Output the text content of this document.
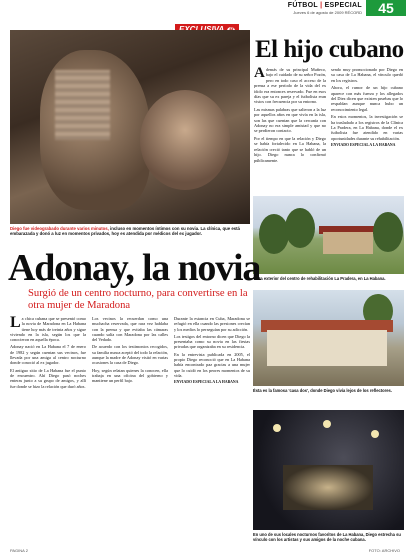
FÚTBOL | ESPECIAL
Jueves 6 de agosto de 2009 RÉCORD	45
Diego fue videograbado durante varios minutos, incluso en momentos íntimos con su novia. La clínica, que está embarazada y donó a luz en momentos privados, hoy es atendida por médicos del ex jugador.
El hijo cubano

Además de su principal Muñeco, bajo el cuidado de su señor Pozón, pero en todo caso el acceso de la prensa a ese período de la vida del ex ídolo era entonces reservado. Fue en esos días que su ex pareja y el futbolista eran vistos con frecuencia por su entorno.

Las mismas palabras que salieron a la luz por aquellos años en que vivía en la isla, son las que cuentan que la cercanía con Adonay no era simple amistad y que no se perdieron contacto.

Por el tiempo en que la relación y Diego se había fortalecido en La Habana, la relación creció tanto que se habló de un hijo. Diego nunca lo confirmó públicamente.

sendo muy promocionado por Diego en su casa de La Habana, el vínculo quedó en los registros.

Ahora, el rumor de un hijo cubano aparece con más fuerza y los allegados del Diez dicen que existen pruebas que lo respaldan aunque nunca hubo un reconocimiento legal.

En estos momentos, la investigación se ha trasladado a los registros de la Clínica La Pradera, en La Habana, donde el ex futbolista fue atendido en varias oportunidades durante su rehabilitación.

ENVIADO ESPECIAL A LA HABANA
Vista exterior del centro de rehabilitación La Pradera, en La Habana.
Adonay, la novia
Surgió de un centro nocturno, para convertirse en la otra mujer de Maradona

La chica cubana que se presentó como la novia de Maradona en La Habana tiene hoy más de treinta años y sigue viviendo en la isla, según los que la conocieron en aquella época.

Adonay nació en La Habana el 7 de enero de 1982 y según cuentan sus vecinos, fue llevada por una amiga al centro nocturno donde conoció al ex jugador.

El antiguo sitio de La Habana fue el punto de encuentro. Ahí Diego pasó noches enteras junto a su grupo de amigos, y allí fue donde se hizo la relación que duró años.

Los vecinos la recuerdan como una muchacha reservada, que rara vez hablaba con la prensa y que evitaba las cámaras cuando salía con Maradona por las calles del Vedado.

De acuerdo con los testimonios recogidos, su familia nunca aceptó del todo la relación, aunque la madre de Adonay visitó en varias ocasiones la casa de Diego.

Hoy, según relatan quienes la conocen, ella trabaja en una oficina del gobierno y mantiene un perfil bajo.

Durante la estancia en Cuba, Maradona se refugió en ella cuando las presiones crecían y los medios lo perseguían por su adicción.

Los testigos del entorno dicen que Diego la presentaba como su novia en las fiestas privadas que organizaba en su residencia.

En la entrevista publicada en 2005, el propio Diego reconoció que en La Habana había encontrado paz gracias a una mujer que lo cuidó en los peores momentos de su vida.

ENVIADO ESPECIAL A LA HABANA
Ésta es la famosa 'casa dos', donde Diego vivía lejos de los reflectores.
En uno de sus locales nocturnos favoritos de La Habana, Diego estrecha su vínculo con los artistas y sus amigos de la noche cubana.
PAGINA 2	FOTO: ARCHIVO
